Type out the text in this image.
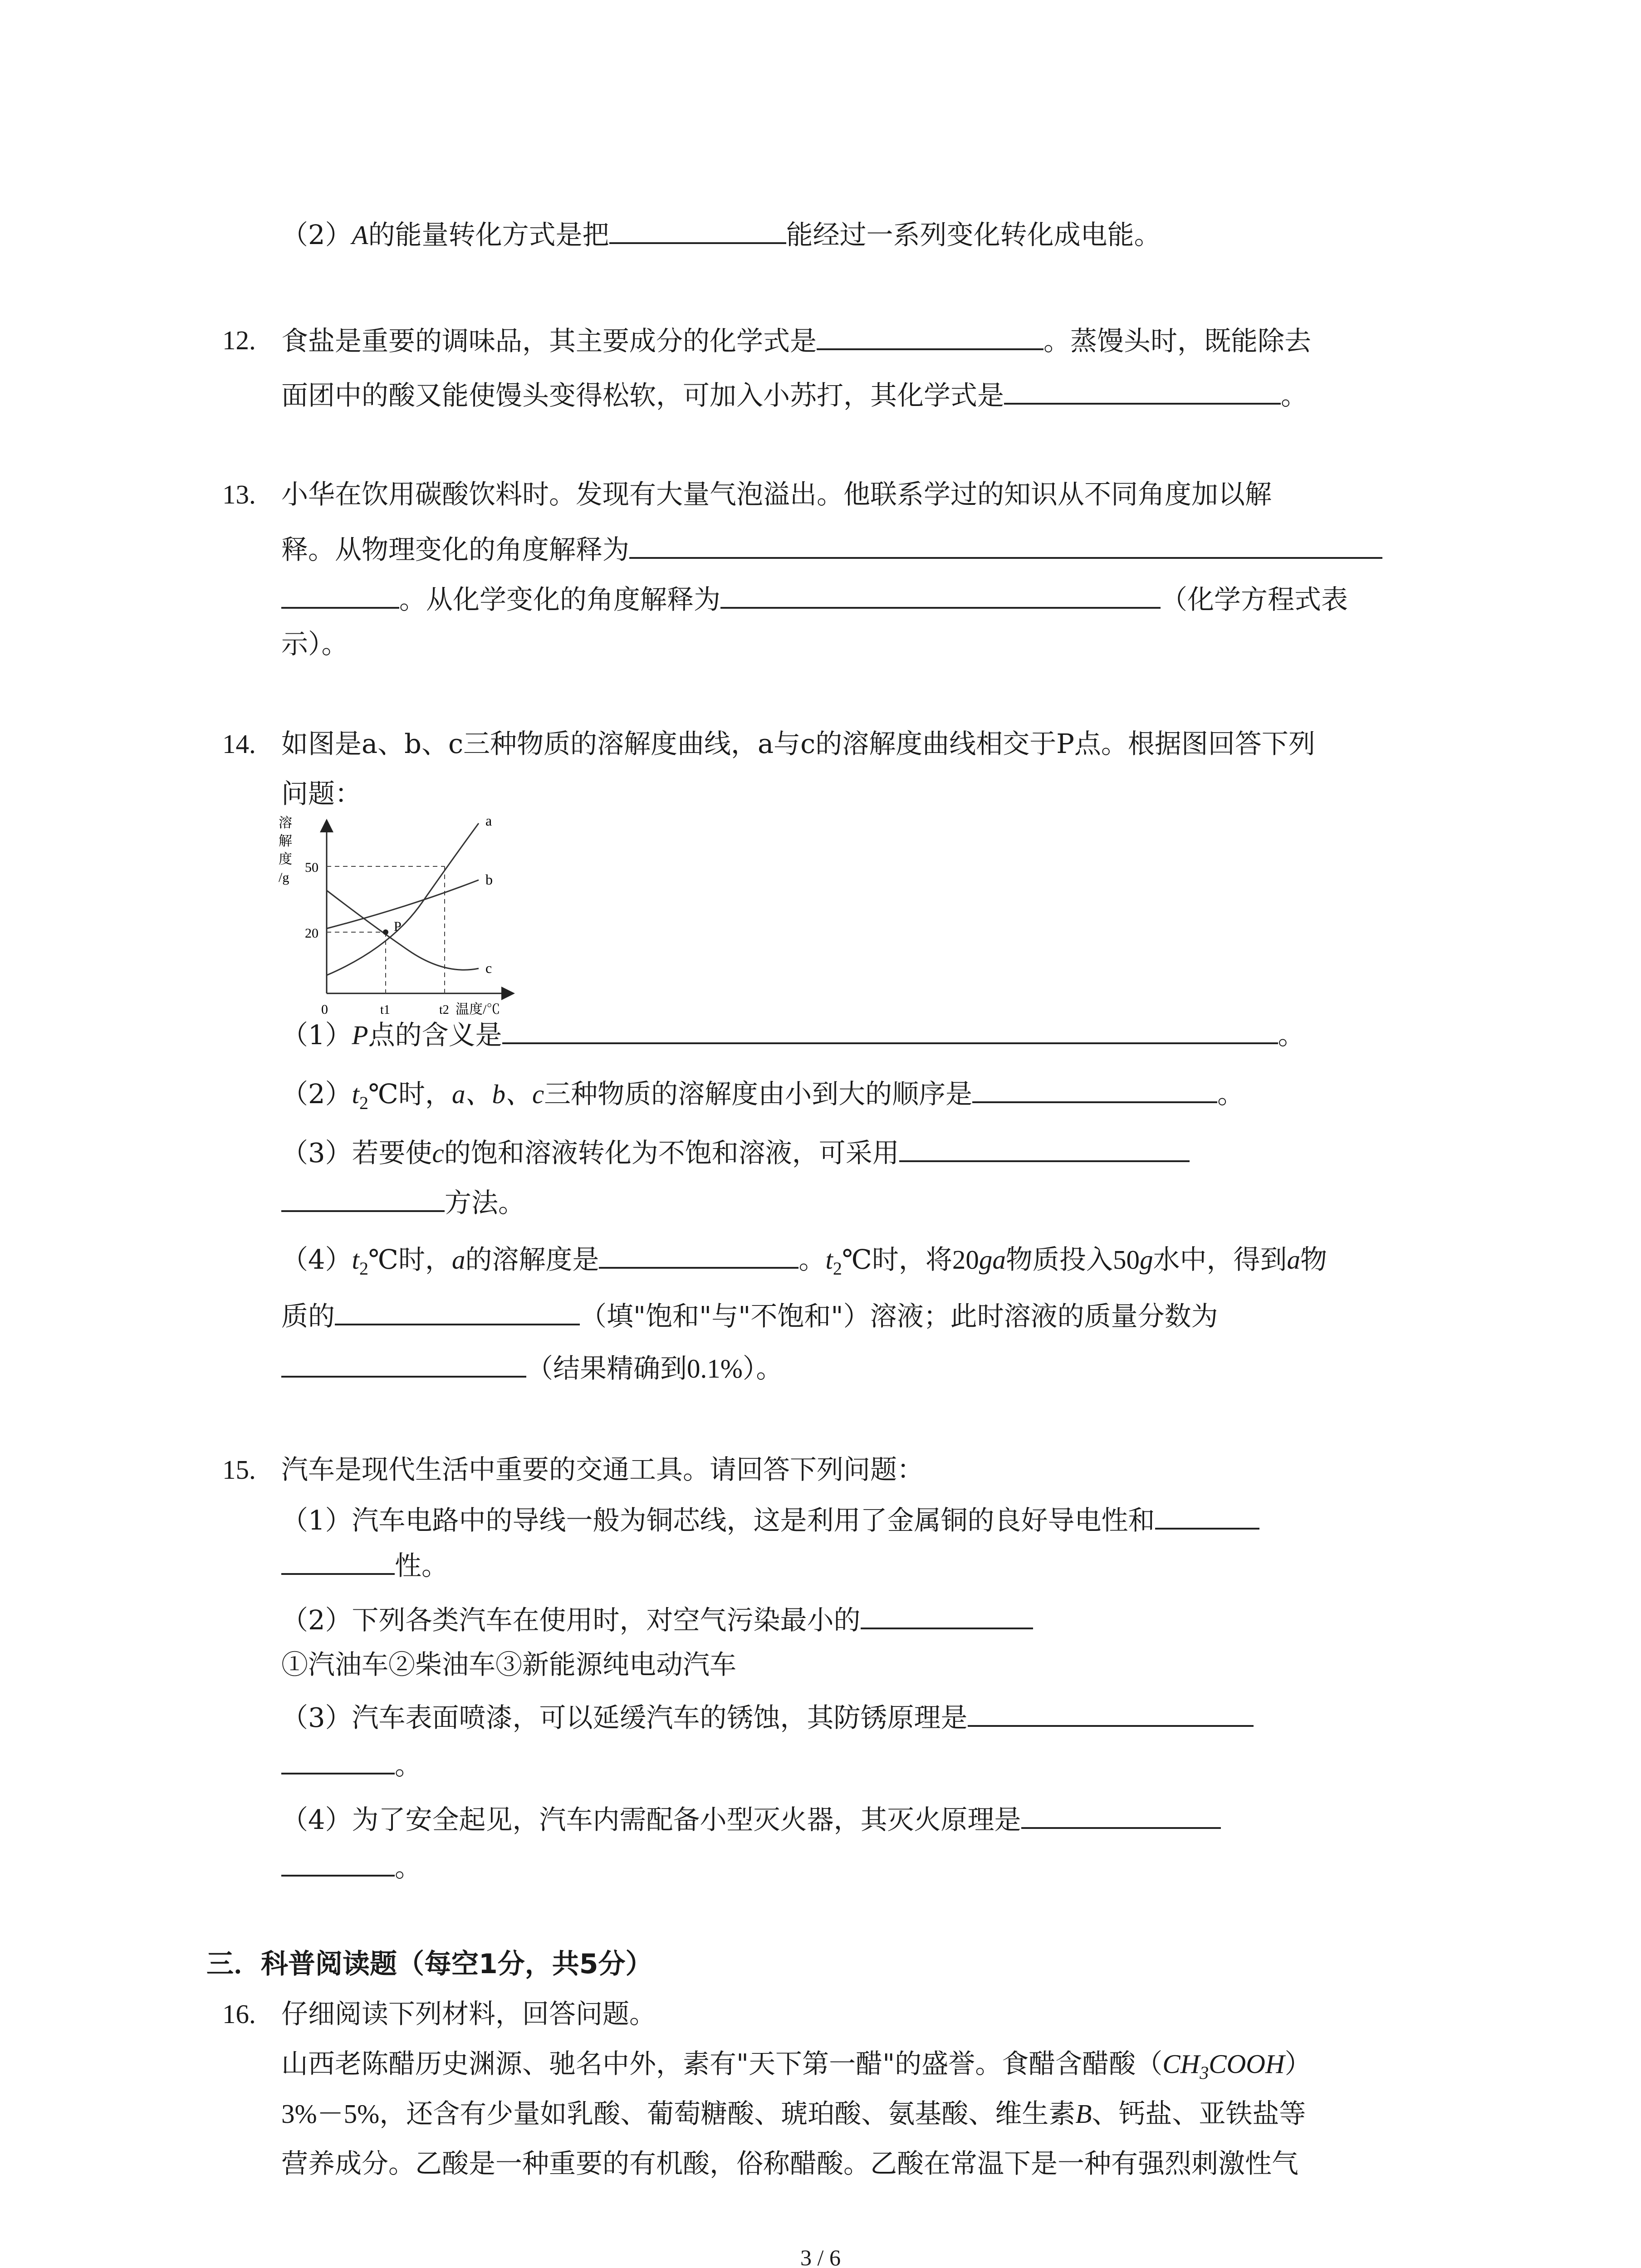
（2）A的能量转化方式是把	能经过一系列变化转化成电能。
12. 食盐是重要的调味品，其主要成分的化学式是	。蒸馒头时，既能除去
面团中的酸又能使馒头变得松软，可加入小苏打，其化学式是	。
13. 小华在饮用碳酸饮料时。发现有大量气泡溢出。他联系学过的知识从不同角度加以解
释。从物理变化的角度解释为
。从化学变化的角度解释为	（化学方程式表
示）。
14. 如图是a、b、c三种物质的溶解度曲线，a与c的溶解度曲线相交于P点。根据图回答下列
问题：
溶
解
度
/g
50
20
0	t1	t2 温度/℃
a
b
c
P
（1）P点的含义是	。
$(2)t_2℃$时，a、b、c三种物质的溶解度由小到大的顺序是	。
（3）若要使c的饱和溶液转化为不饱和溶液，可采用
方法。
$(4)t_2℃$时，a的溶解度是	。$t_2℃$时，将20ga物质投入50g水中，得到a物
质的	（填"饱和"与"不饱和"）溶液；此时溶液的质量分数为
（结果精确到0.1%）。
15. 汽车是现代生活中重要的交通工具。请回答下列问题：
（1）汽车电路中的导线一般为铜芯线，这是利用了金属铜的良好导电性和
性。
（2）下列各类汽车在使用时，对空气污染最小的
①汽油车②柴油车③新能源纯电动汽车
（3）汽车表面喷漆，可以延缓汽车的锈蚀，其防锈原理是
。
（4）为了安全起见，汽车内需配备小型灭火器，其灭火原理是
。
三．科普阅读题（每空1分，共5分）
16. 仔细阅读下列材料，回答问题。
山西老陈醋历史渊源、驰名中外，素有"天下第一醋"的盛誉。食醋含醋酸$(CH_3COOH)$
3%－5%，还含有少量如乳酸、葡萄糖酸、琥珀酸、氨基酸、维生素B、钙盐、亚铁盐等
营养成分。乙酸是一种重要的有机酸，俗称醋酸。乙酸在常温下是一种有强烈刺激性气
3 / 6
